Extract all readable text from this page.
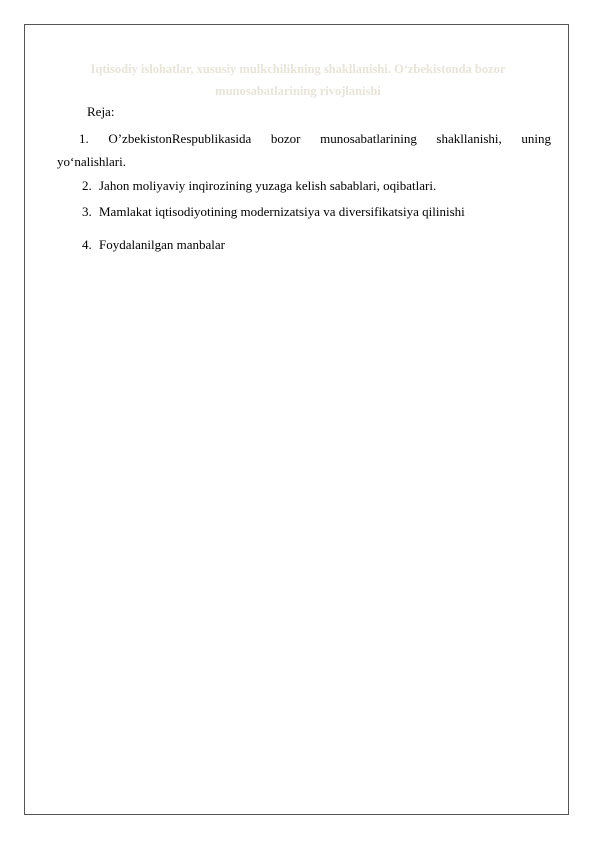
Iqtisodiy islohatlar, xususiy mulkchilikning shakllanishi. O‘zbekistonda bozor munosabatlarining rivojlanishi
Reja:
1. O’zbekistonRespublikasida bozor munosabatlarining shakllanishi, uning
yo‘nalishlari.
2. Jahon moliyaviy inqirozining yuzaga kelish sabablari, oqibatlari.
3. Mamlakat iqtisodiyotining modernizatsiya va diversifikatsiya qilinishi
4. Foydalanilgan manbalar
